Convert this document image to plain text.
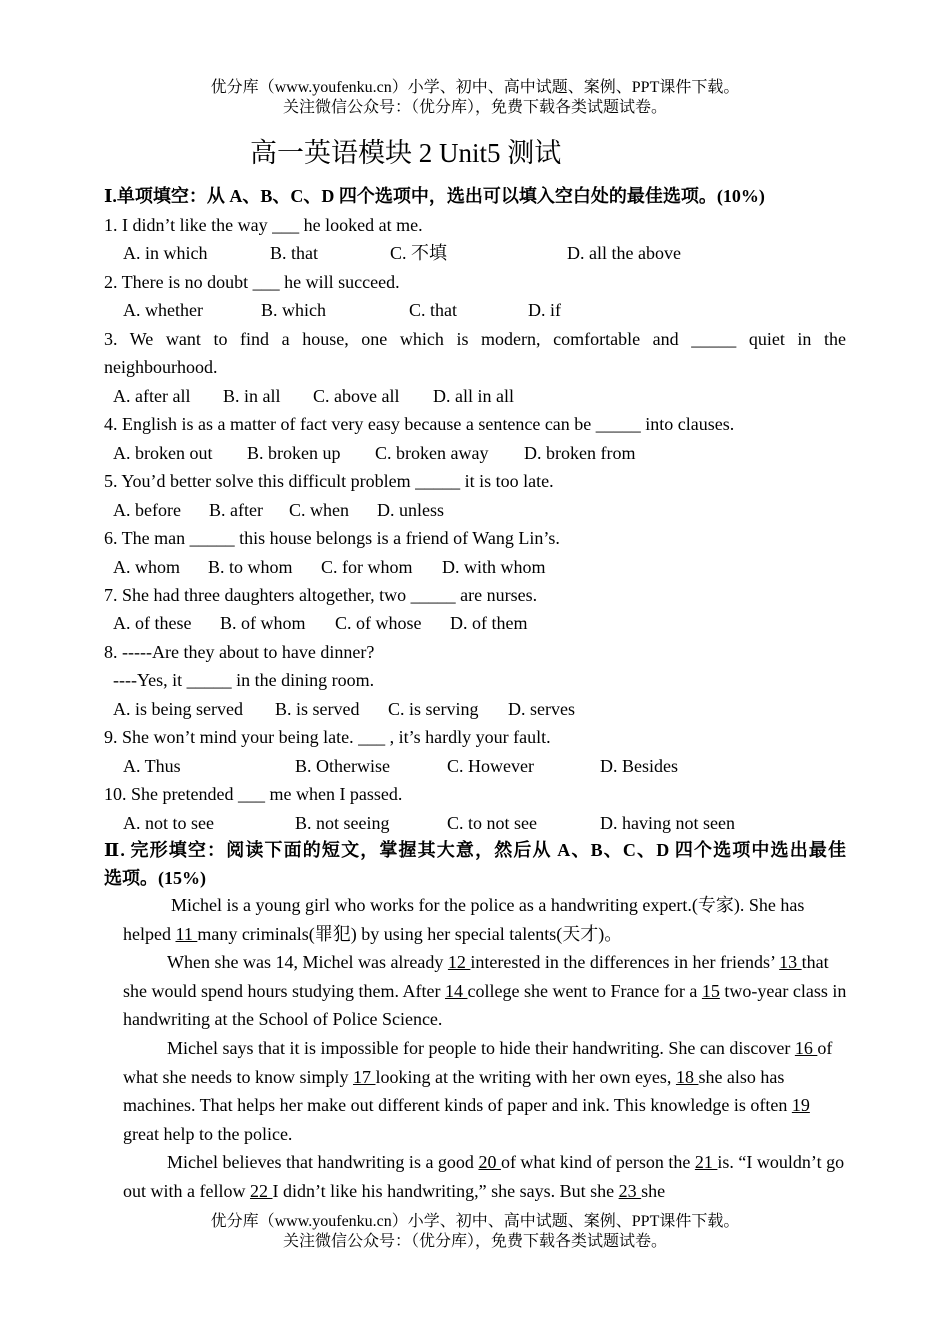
优分库（www.youfenku.cn）小学、初中、高中试题、案例、PPT课件下载。
关注微信公众号：（优分库），免费下载各类试题试卷。
高一英语模块 2 Unit5 测试
Ⅰ.单项填空：从 A、B、C、D 四个选项中，选出可以填入空白处的最佳选项。(10%)
1. I didn’t like the way ___ he looked at me.
A. in which	B. that	C. 不填	D. all the above
2. There is no doubt ___ he will succeed.
A. whether	B. which	C. that	D. if
3. We want to find a house, one which is modern, comfortable and _____ quiet in the
neighbourhood.
A. after all B. in all C. above all D. all in all
4. English is as a matter of fact very easy because a sentence can be _____ into clauses.
A. broken out B. broken up C. broken away D. broken from
5. You’d better solve this difficult problem _____ it is too late.
A. before B. after C. when D. unless
6. The man _____ this house belongs is a friend of Wang Lin’s.
A. whom B. to whom C. for whom D. with whom
7. She had three daughters altogether, two _____ are nurses.
A. of these B. of whom C. of whose D. of them
8. -----Are they about to have dinner?
----Yes, it _____ in the dining room.
A. is being served B. is served C. is serving D. serves
9. She won’t mind your being late. ___ , it’s hardly your fault.
A. Thus	B. Otherwise	C. However	D. Besides
10. She pretended ___ me when I passed.
A. not to see	B. not seeing	C. to not see	D. having not seen
Ⅱ. 完形填空：阅读下面的短文，掌握其大意，然后从 A、B、C、D 四个选项中选出最佳
选项。(15%)

Michel is a young girl who works for the police as a handwriting expert.(专家). She has helped 11 many criminals(罪犯) by using her special talents(天才)。

When she was 14, Michel was already 12 interested in the differences in her friends’ 13 that she would spend hours studying them. After 14 college she went to France for a 15 two-year class in handwriting at the School of Police Science.

Michel says that it is impossible for people to hide their handwriting. She can discover 16 of what she needs to know simply 17 looking at the writing with her own eyes, 18 she also has machines. That helps her make out different kinds of paper and ink. This knowledge is often 19 great help to the police.

Michel believes that handwriting is a good 20 of what kind of person the 21 is. “I wouldn’t go out with a fellow 22 I didn’t like his handwriting,” she says. But she 23 she

优分库（www.youfenku.cn）小学、初中、高中试题、案例、PPT课件下载。
关注微信公众号：（优分库），免费下载各类试题试卷。
